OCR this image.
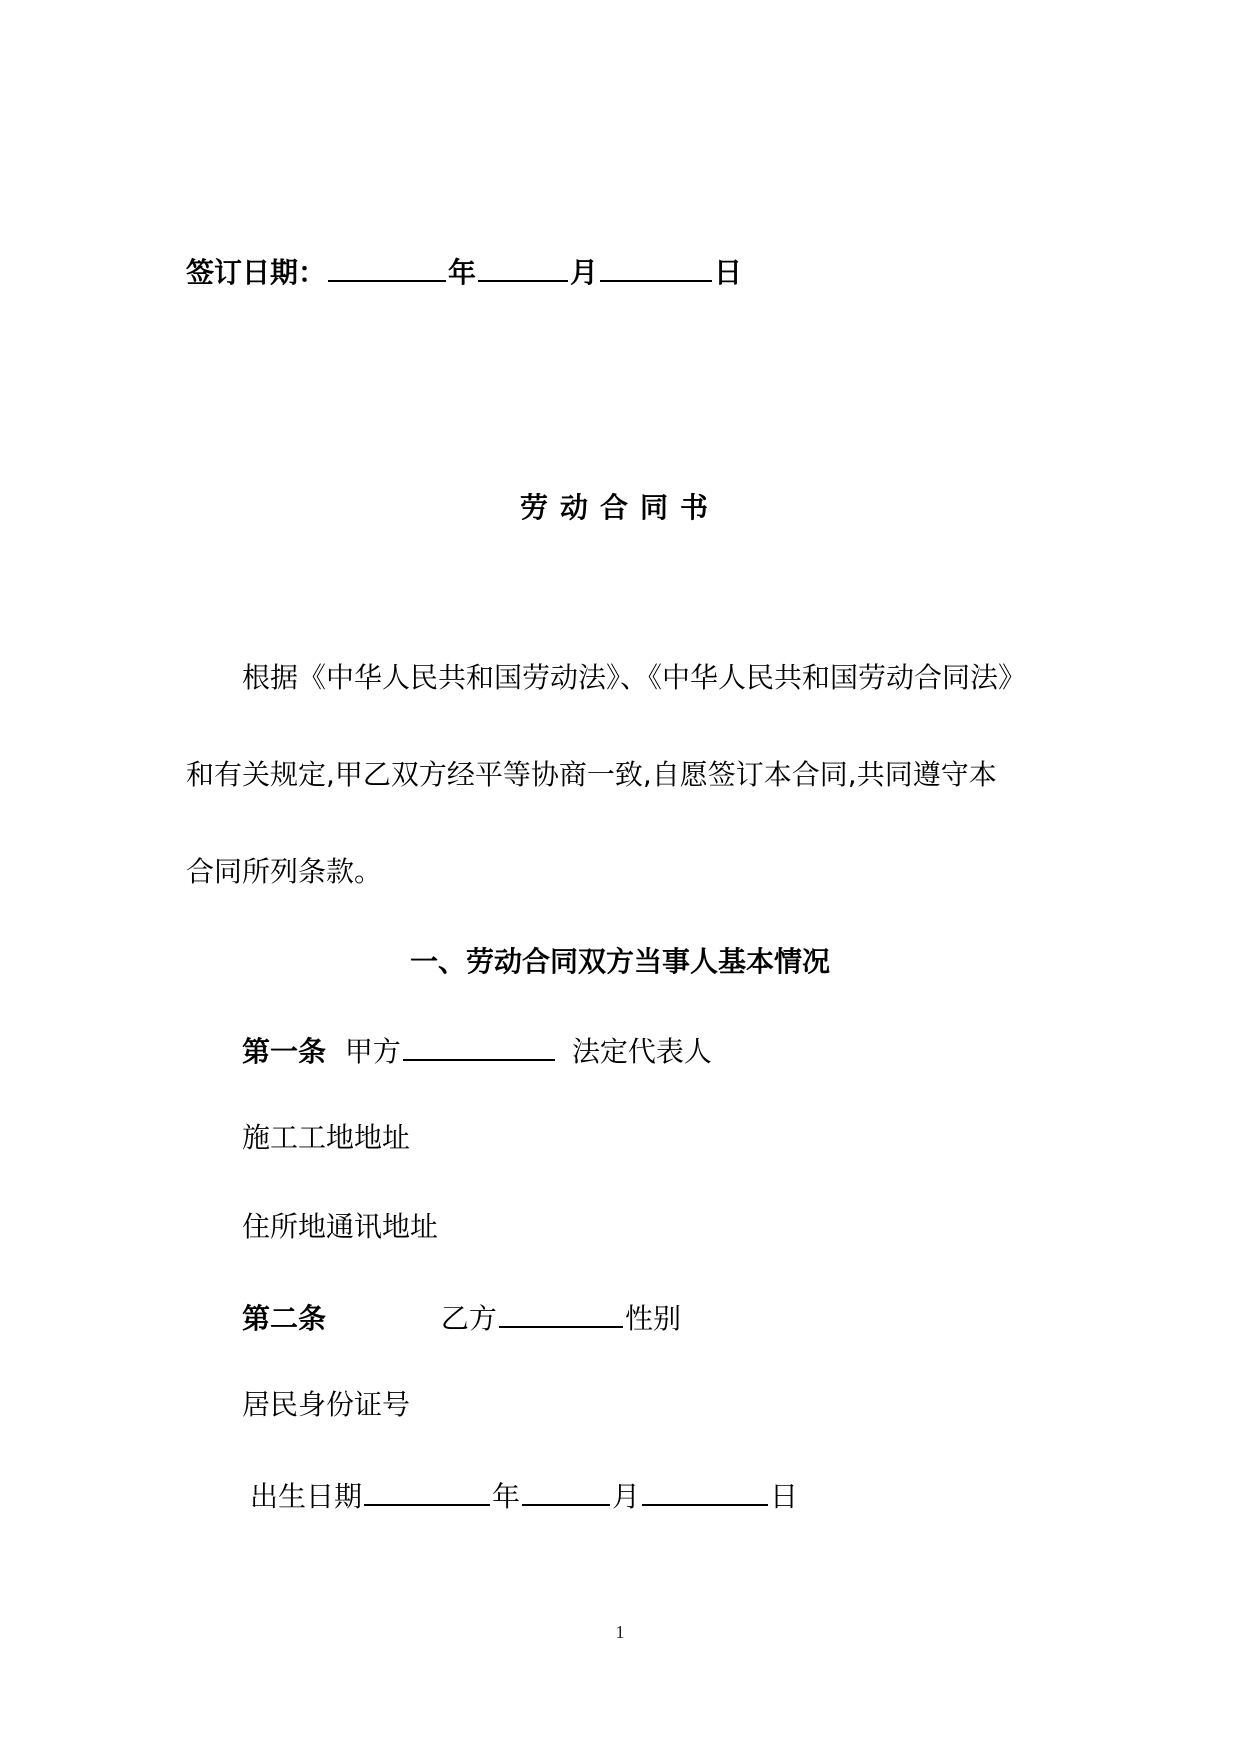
签订日期：	年	月	日
劳动合同书
根据《中华人民共和国劳动法》、《中华人民共和国劳动合同法》
和有关规定,甲乙双方经平等协商一致,自愿签订本合同,共同遵守本
合同所列条款。
一、劳动合同双方当事人基本情况
第一条 甲方	法定代表人
施工工地地址
住所地通讯地址
第二条	乙方	性别
居民身份证号
出生日期	年	月	日
1
